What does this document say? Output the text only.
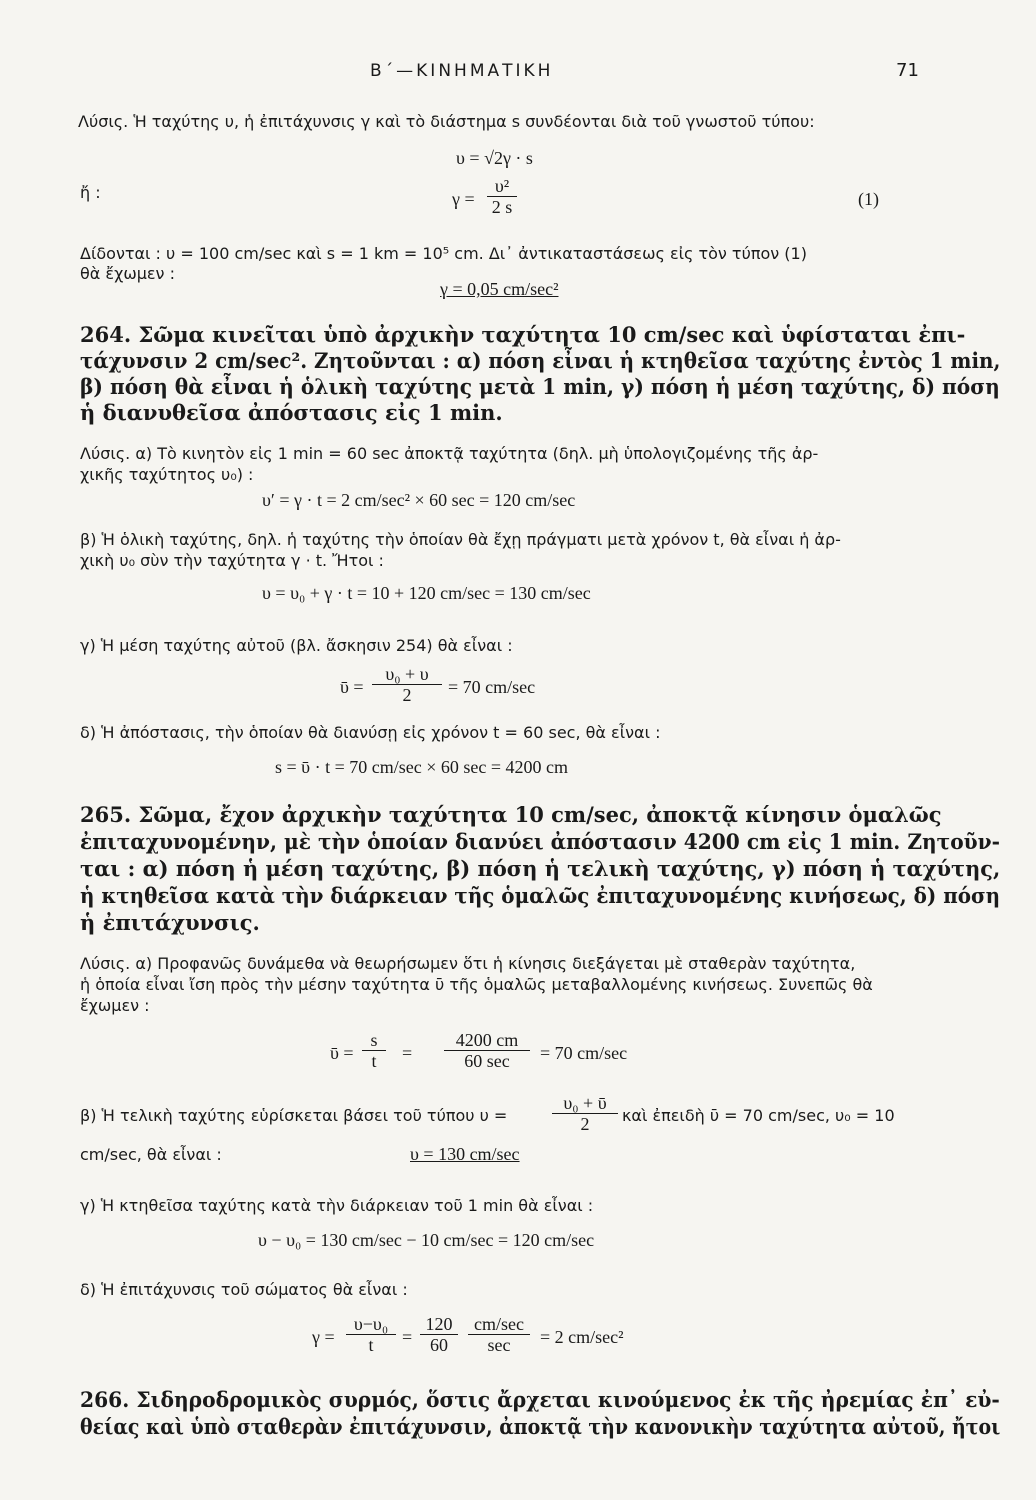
Β΄—ΚΙΝΗΜΑΤΙΚΗ	71
Λύσις. Ἡ ταχύτης υ, ἡ ἐπιτάχυνσις γ καὶ τὸ διάστημα s συνδέονται διὰ τοῦ γνωστοῦ τύπου:
υ = √2γ · s
ἤ :	$\gamma = \frac{\text{υ²}}{2 s}$	(1)
Δίδονται : υ = 100 cm/sec καὶ s = 1 km = 10⁵ cm. Δι᾿ ἀντικαταστάσεως εἰς τὸν τύπον (1)
θὰ ἔχωμεν :
γ = 0,05 cm/sec²
264. Σῶμα κινεῖται ὑπὸ ἀρχικὴν ταχύτητα 10 cm/sec καὶ ὑφίσταται ἐπι-
τάχυνσιν 2 cm/sec². Ζητοῦνται : α) πόση εἶναι ἡ κτηθεῖσα ταχύτης ἐντὸς 1 min,
β) πόση θὰ εἶναι ἡ ὁλικὴ ταχύτης μετὰ 1 min, γ) πόση ἡ μέση ταχύτης, δ) πόση
ἡ διανυθεῖσα ἀπόστασις εἰς 1 min.
Λύσις. α) Τὸ κινητὸν εἰς 1 min = 60 sec ἀποκτᾷ ταχύτητα (δηλ. μὴ ὑπολογιζομένης τῆς ἀρ-
χικῆς ταχύτητος υ₀) :
υ′ = γ · t = 2 cm/sec² × 60 sec = 120 cm/sec
β) Ἡ ὁλικὴ ταχύτης, δηλ. ἡ ταχύτης τὴν ὁποίαν θὰ ἔχῃ πράγματι μετὰ χρόνον t, θὰ εἶναι ἡ ἀρ-
χικὴ υ₀ σὺν τὴν ταχύτητα γ · t. Ἤτοι :
υ = υ₀ + γ · t = 10 + 120 cm/sec = 130 cm/sec
γ) Ἡ μέση ταχύτης αὐτοῦ (βλ. ἄσκησιν 254) θὰ εἶναι :
ῡ = $\frac{\text{υ₀ + υ}}{2} = 70$ cm/sec
δ) Ἡ ἀπόστασις, τὴν ὁποίαν θὰ διανύσῃ εἰς χρόνον t = 60 sec, θὰ εἶναι :
s = ῡ · t = 70 cm/sec × 60 sec = 4200 cm
265. Σῶμα, ἔχον ἀρχικὴν ταχύτητα 10 cm/sec, ἀποκτᾷ κίνησιν ὁμαλῶς
ἐπιταχυνομένην, μὲ τὴν ὁποίαν διανύει ἀπόστασιν 4200 cm εἰς 1 min. Ζητοῦν-
ται : α) πόση ἡ μέση ταχύτης, β) πόση ἡ τελικὴ ταχύτης, γ) πόση ἡ ταχύτης,
ἡ κτηθεῖσα κατὰ τὴν διάρκειαν τῆς ὁμαλῶς ἐπιταχυνομένης κινήσεως, δ) πόση
ἡ ἐπιτάχυνσις.
Λύσις. α) Προφανῶς δυνάμεθα νὰ θεωρήσωμεν ὅτι ἡ κίνησις διεξάγεται μὲ σταθερὰν ταχύτητα,
ἡ ὁποία εἶναι ἴση πρὸς τὴν μέσην ταχύτητα ῡ τῆς ὁμαλῶς μεταβαλλομένης κινήσεως. Συνεπῶς θὰ
ἔχωμεν :
ῡ = $\frac{s}{t}$ =
4200 cm
60 sec	= 70 cm/sec
β) Ἡ τελικὴ ταχύτης εὑρίσκεται βάσει τοῦ τύπου $\upsilon = \frac{\text{υ₀ + ῡ}}{2}$ καὶ ἐπειδὴ ῡ = 70 cm/sec, υ₀ = 10
cm/sec, θὰ εἶναι :	υ = 130 cm/sec
γ) Ἡ κτηθεῖσα ταχύτης κατὰ τὴν διάρκειαν τοῦ 1 min θὰ εἶναι :
υ − υ₀ = 130 cm/sec − 10 cm/sec = 120 cm/sec
δ) Ἡ ἐπιτάχυνσις τοῦ σώματος θὰ εἶναι :
$\gamma = \frac{\text{υ−υ₀}}{t} = \frac{120}{60} cm/\sec$
sec	= 2 cm/sec²
266. Σιδηροδρομικὸς συρμός, ὅστις ἄρχεται κινούμενος ἐκ τῆς ἠρεμίας ἐπ᾿ εὐ-
θείας καὶ ὑπὸ σταθερὰν ἐπιτάχυνσιν, ἀποκτᾷ τὴν κανονικὴν ταχύτητα αὐτοῦ, ἤτοι
